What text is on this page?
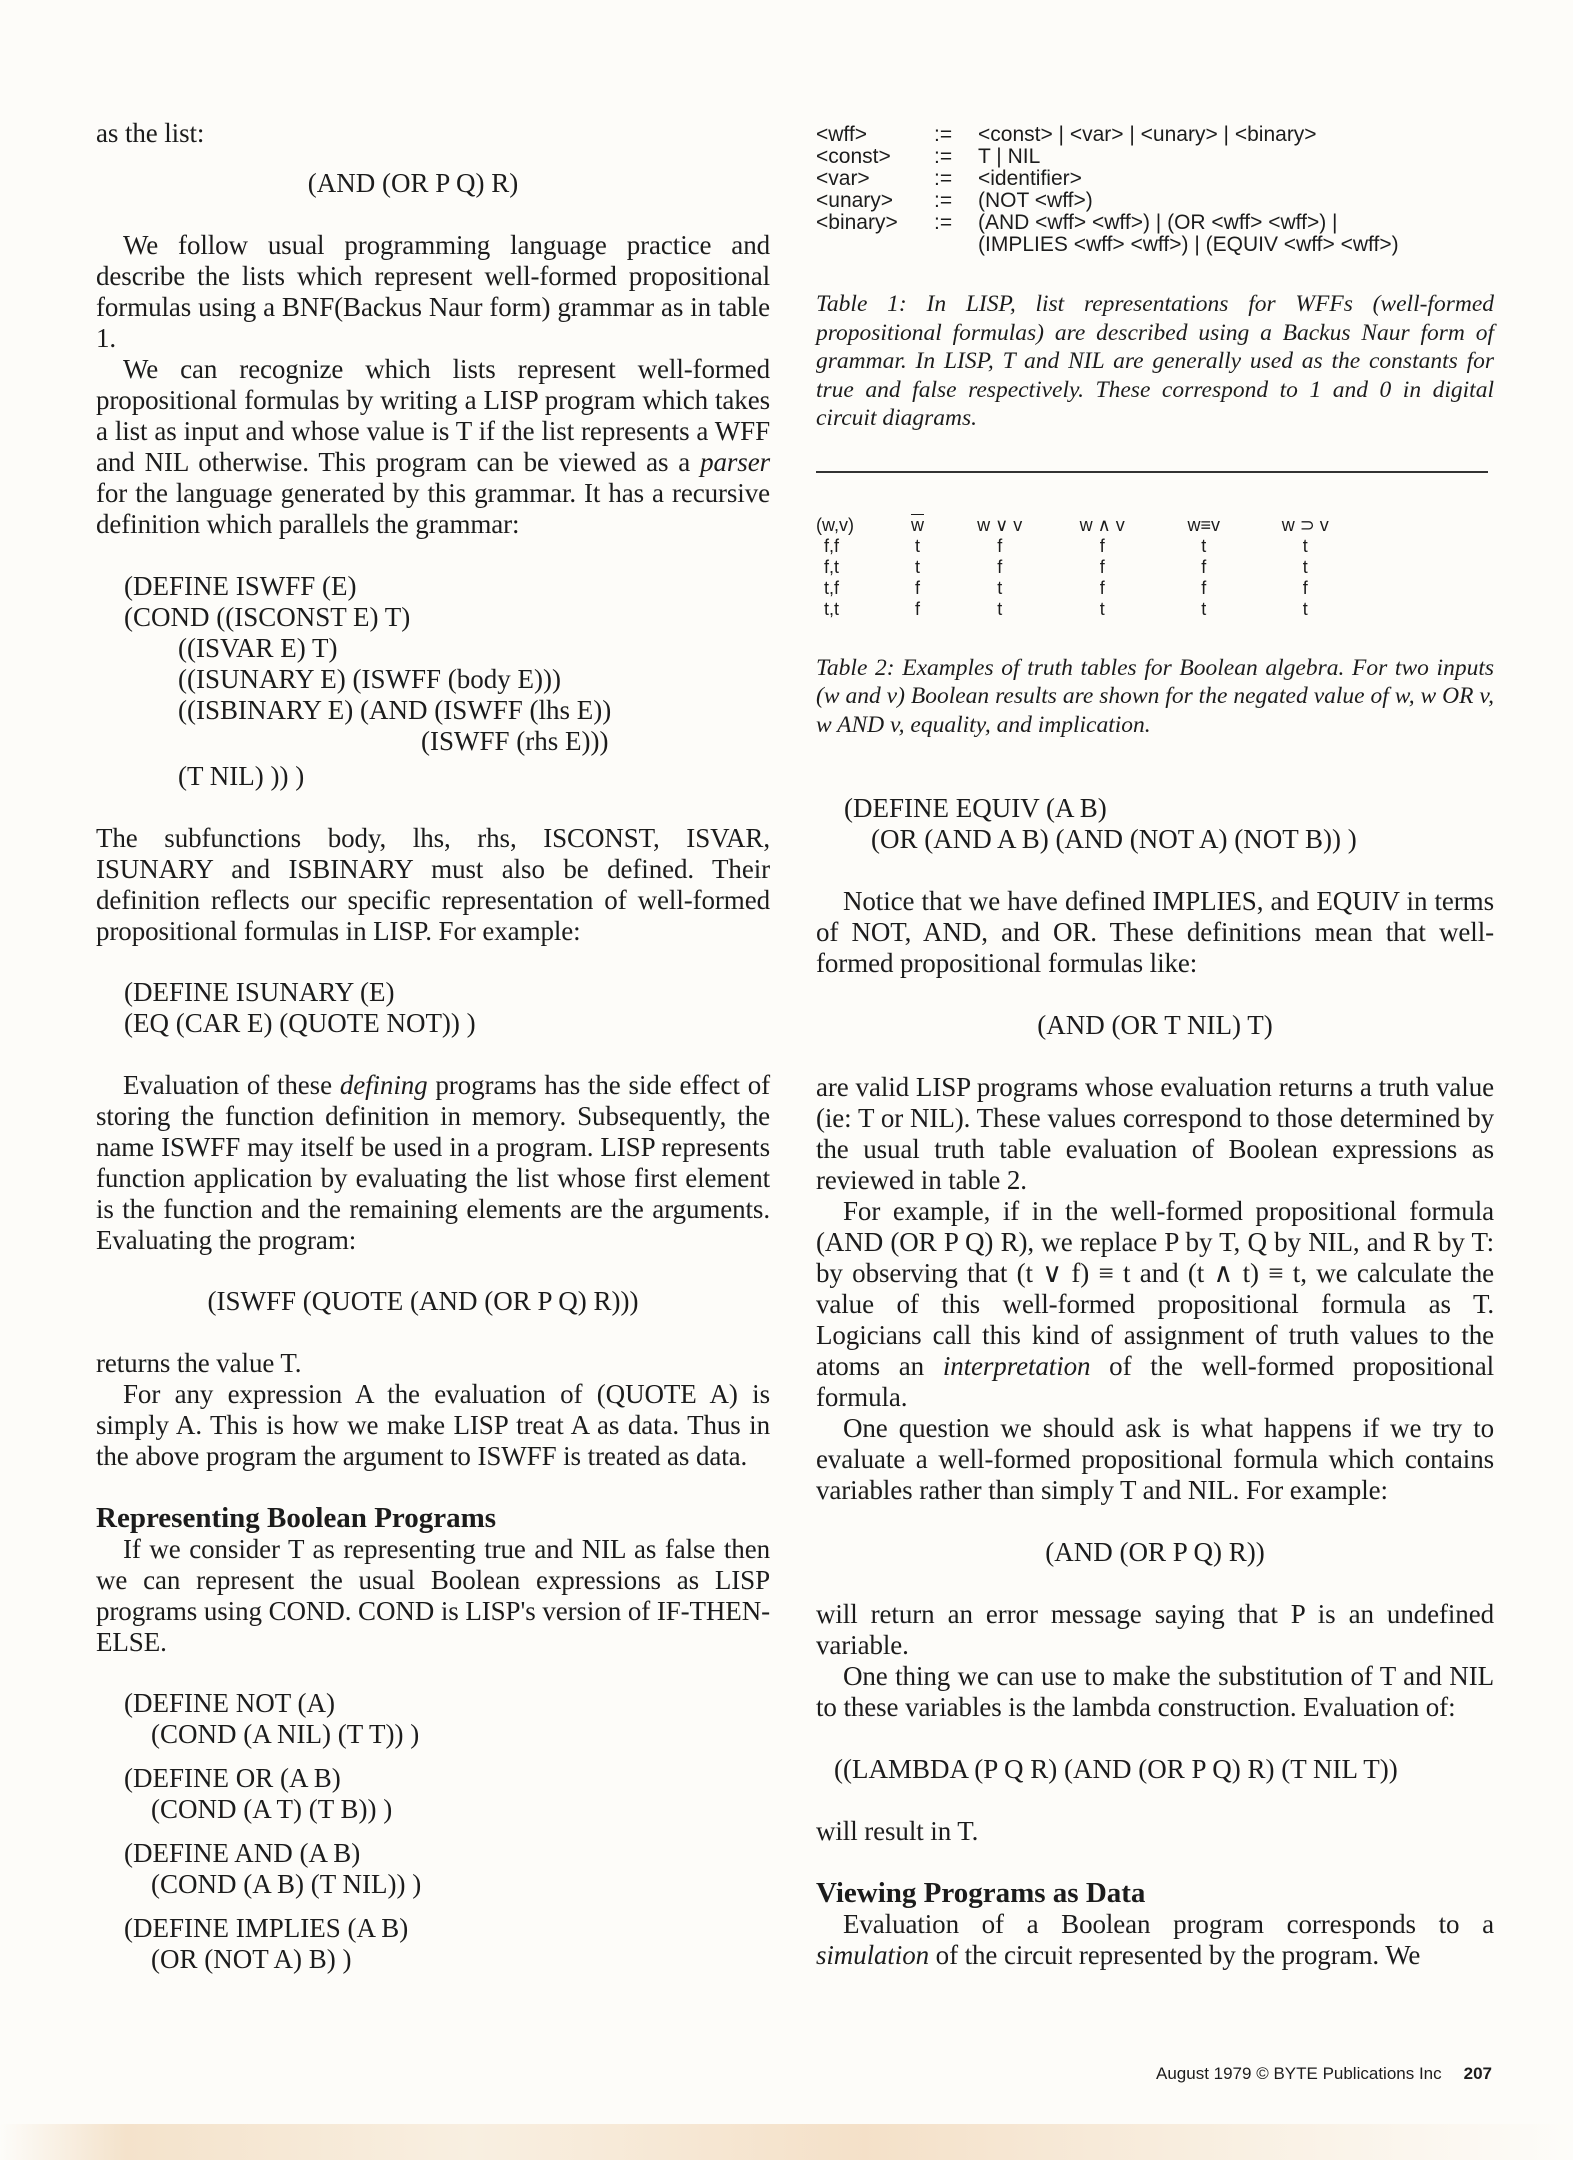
as the list:

(AND (OR P Q) R)

We follow usual programming language practice and describe the lists which represent well-formed propositional formulas using a BNF(Backus Naur form) grammar as in table 1.

We can recognize which lists represent well-formed propositional formulas by writing a LISP program which takes a list as input and whose value is T if the list represents a WFF and NIL otherwise. This program can be viewed as a parser for the language generated by this grammar. It has a recursive definition which parallels the grammar:

(DEFINE ISWFF (E)

(COND ((ISCONST E) T)

((ISVAR E) T)

((ISUNARY E) (ISWFF (body E)))

((ISBINARY E) (AND (ISWFF (lhs E))

(ISWFF (rhs E)))

(T NIL) )) )

The subfunctions body, lhs, rhs, ISCONST, ISVAR, ISUNARY and ISBINARY must also be defined. Their definition reflects our specific representation of well-formed propositional formulas in LISP. For example:

(DEFINE ISUNARY (E)

(EQ (CAR E) (QUOTE NOT)) )

Evaluation of these defining programs has the side effect of storing the function definition in memory. Subsequently, the name ISWFF may itself be used in a program. LISP represents function application by evaluating the list whose first element is the function and the remaining elements are the arguments. Evaluating the program:

(ISWFF (QUOTE (AND (OR P Q) R)))

returns the value T.

For any expression A the evaluation of (QUOTE A) is simply A. This is how we make LISP treat A as data. Thus in the above program the argument to ISWFF is treated as data.

Representing Boolean Programs

If we consider T as representing true and NIL as false then we can represent the usual Boolean expressions as LISP programs using COND. COND is LISP's version of IF-THEN-ELSE.

(DEFINE NOT (A)

(COND (A NIL) (T T)) )

(DEFINE OR (A B)

(COND (A T) (T B)) )

(DEFINE AND (A B)

(COND (A B) (T NIL)) )

(DEFINE IMPLIES (A B)

(OR (NOT A) B) )

<wff>	:=	<const> | <var> | <unary> | <binary>
<const>	:=	T | NIL
<var>	:=	<identifier>
<unary>	:=	(NOT <wff>)
<binary>	:=	(AND <wff> <wff>) | (OR <wff> <wff>) |
		(IMPLIES <wff> <wff>) | (EQUIV <wff> <wff>)

Table 1: In LISP, list representations for WFFs (well-formed propositional formulas) are described using a Backus Naur form of grammar. In LISP, T and NIL are generally used as the constants for true and false respectively. These correspond to 1 and 0 in digital circuit diagrams.

(w,v)	$\overline{w}$	w ∨ v	w ∧ v	w≡v	w ⊃ v
f,f	t	f	f	t	t
f,t	t	f	f	f	t
t,f	f	t	f	f	f
t,t	f	t	t	t	t

Table 2: Examples of truth tables for Boolean algebra. For two inputs (w and v) Boolean results are shown for the negated value of w, w OR v, w AND v, equality, and implication.

(DEFINE EQUIV (A B)

(OR (AND A B) (AND (NOT A) (NOT B)) )

Notice that we have defined IMPLIES, and EQUIV in terms of NOT, AND, and OR. These definitions mean that well-formed propositional formulas like:

(AND (OR T NIL) T)

are valid LISP programs whose evaluation returns a truth value (ie: T or NIL). These values correspond to those determined by the usual truth table evaluation of Boolean expressions as reviewed in table 2.

For example, if in the well-formed propositional formula (AND (OR P Q) R), we replace P by T, Q by NIL, and R by T: by observing that (t ∨ f) ≡ t and (t ∧ t) ≡ t, we calculate the value of this well-formed propositional formula as T. Logicians call this kind of assignment of truth values to the atoms an interpretation of the well-formed propositional formula.

One question we should ask is what happens if we try to evaluate a well-formed propositional formula which contains variables rather than simply T and NIL. For example:

(AND (OR P Q) R))

will return an error message saying that P is an undefined variable.

One thing we can use to make the substitution of T and NIL to these variables is the lambda construction. Evaluation of:

((LAMBDA (P Q R) (AND (OR P Q) R) (T NIL T))

will result in T.

Viewing Programs as Data

Evaluation of a Boolean program corresponds to a simulation of the circuit represented by the program. We

August 1979 © BYTE Publications Inc 207
